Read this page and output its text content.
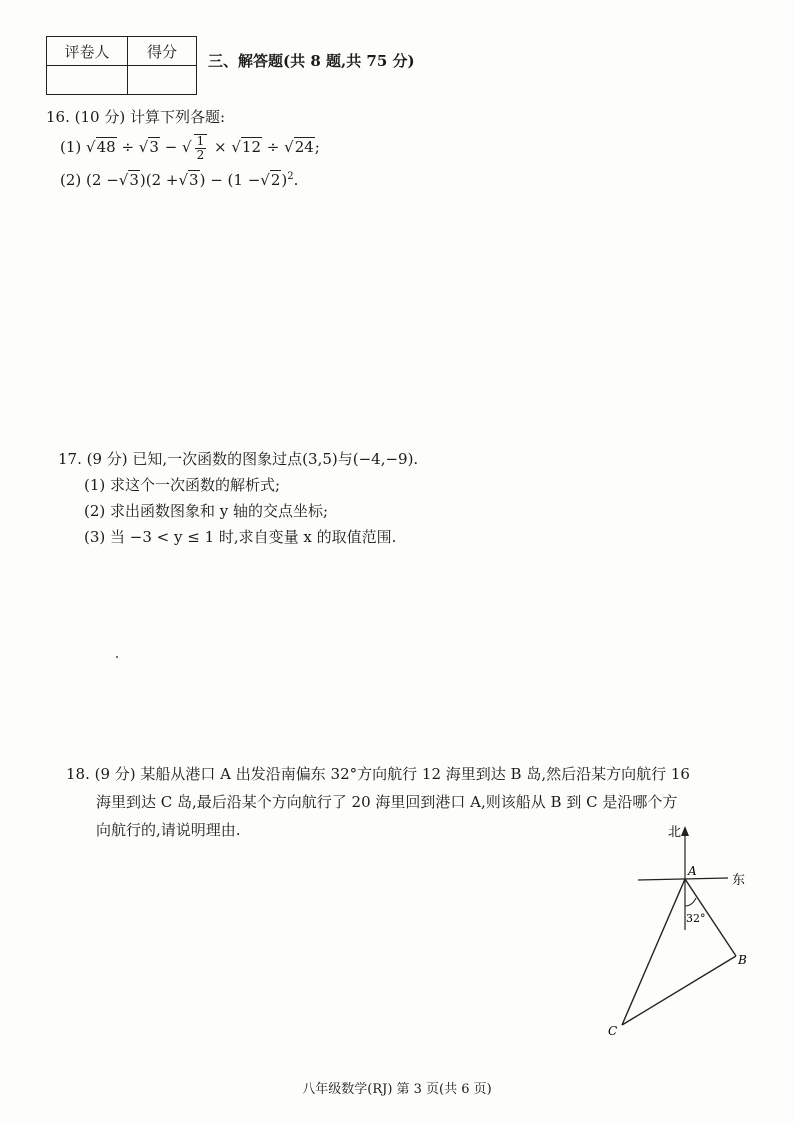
评卷人	得分

三、解答题(共 8 题,共 75 分)
16. (10 分) 计算下列各题:
(1) √48 ÷ √3 − √ $\frac{1}{2} \times √12 \div √24$;
(2) $(2 -√3)(2 +√3) - (1 -√2)^2$.
17. (9 分) 已知,一次函数的图象过点(3,5)与(−4,−9).
(1) 求这个一次函数的解析式;
(2) 求出函数图象和 y 轴的交点坐标;
(3) 当 −3 < y ≤ 1 时,求自变量 x 的取值范围.
18. (9 分) 某船从港口 A 出发沿南偏东 32°方向航行 12 海里到达 B 岛,然后沿某方向航行 16
海里到达 C 岛,最后沿某个方向航行了 20 海里回到港口 A,则该船从 B 到 C 是沿哪个方
向航行的,请说明理由.	北
东
A
B
C
32°
八年级数学(RJ) 第 3 页(共 6 页)
